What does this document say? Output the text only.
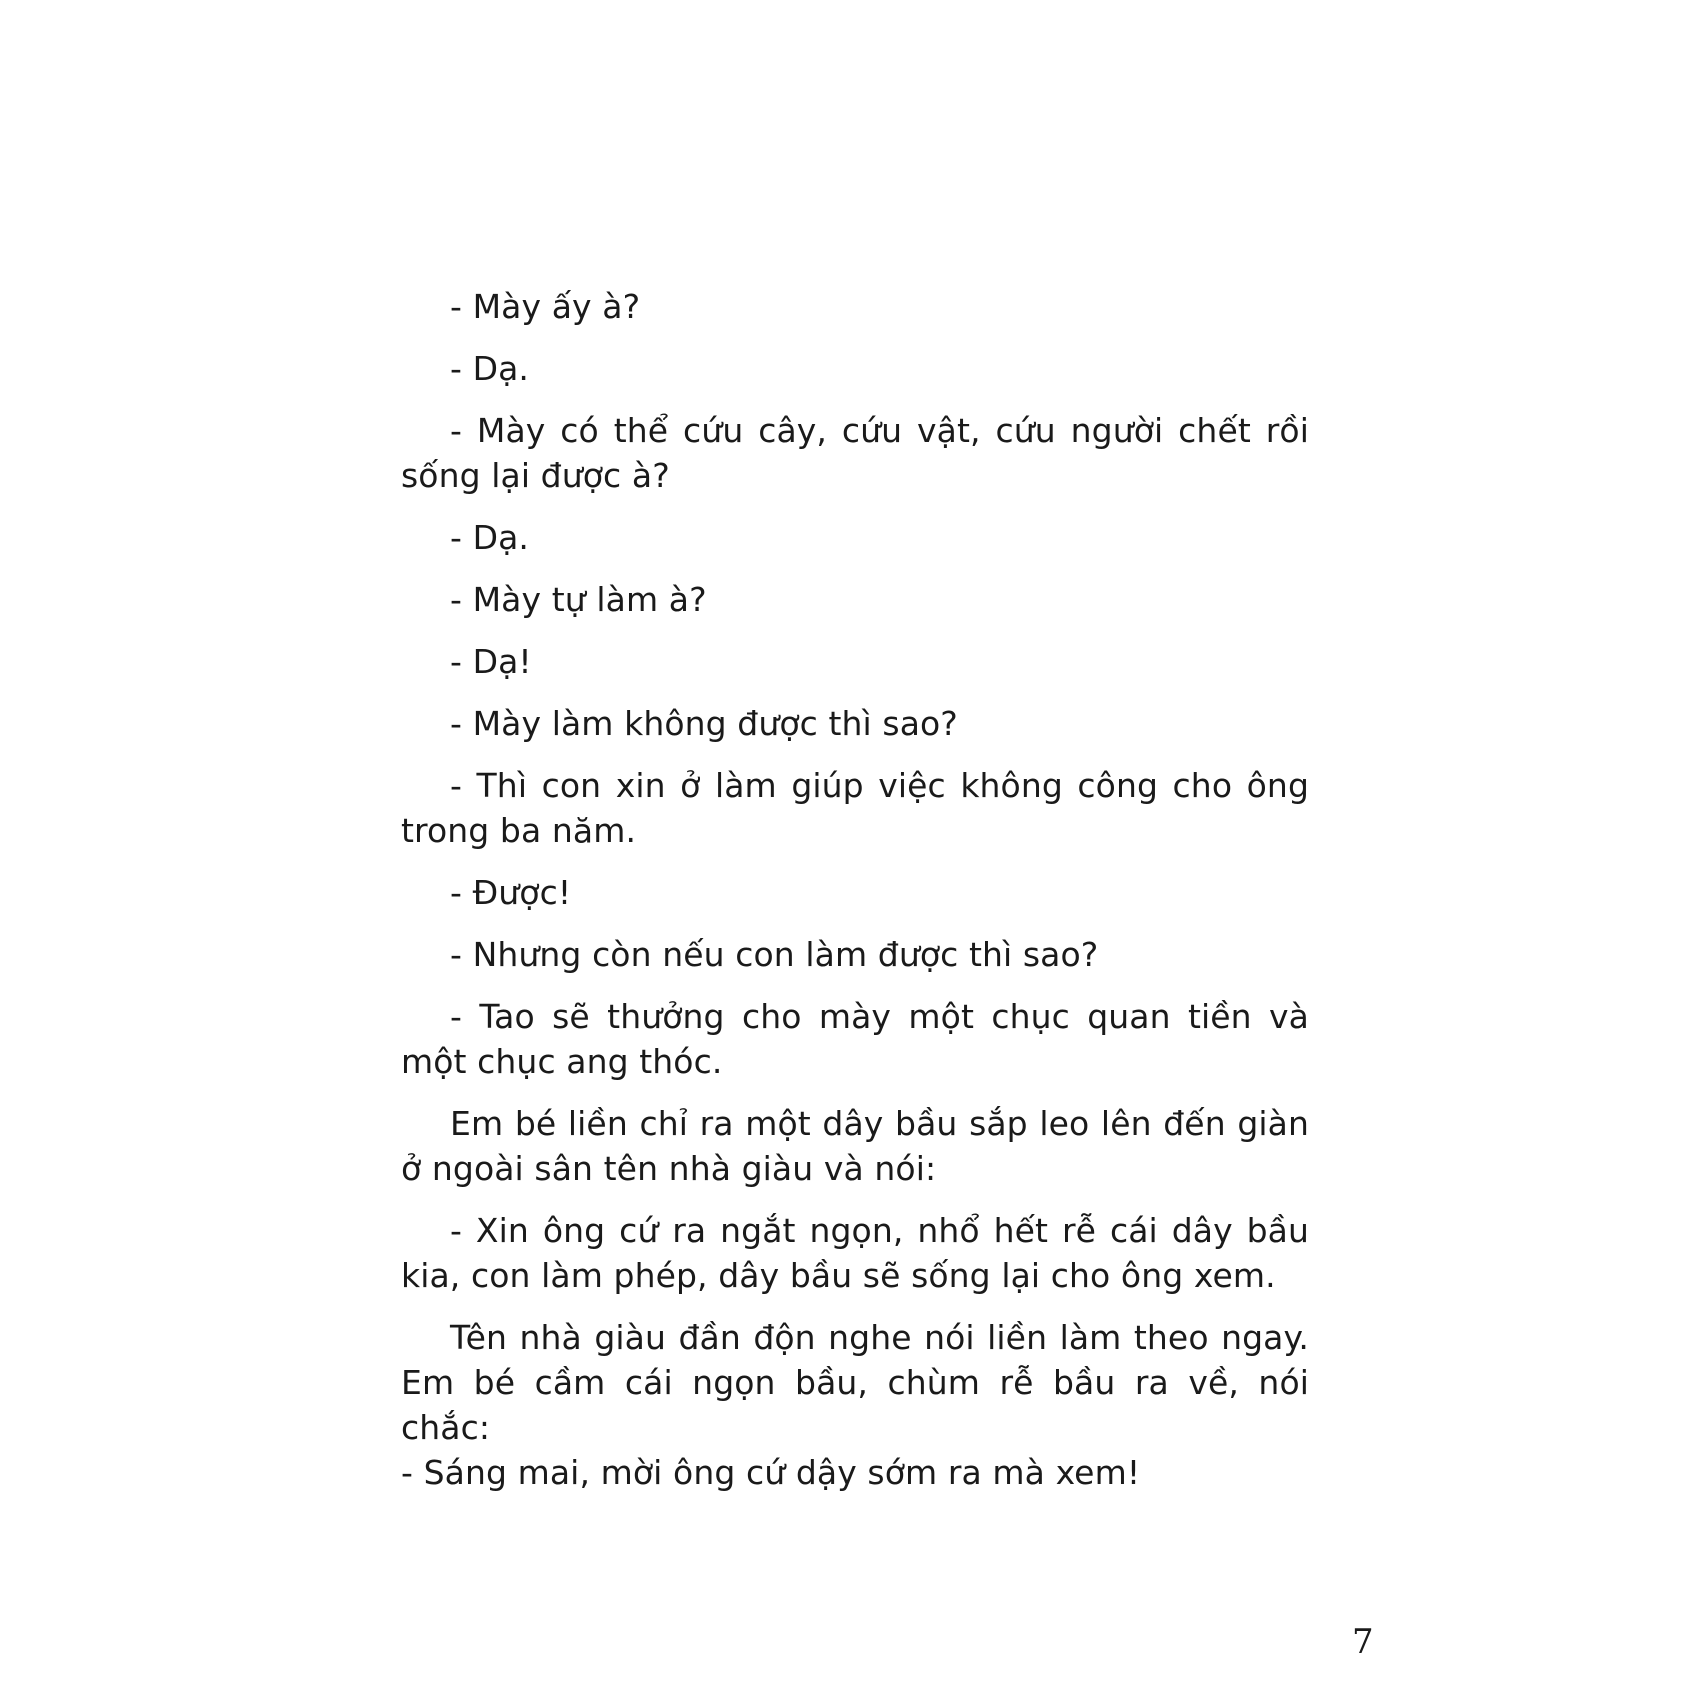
- Mày ấy à?

- Dạ.

- Mày có thể cứu cây, cứu vật, cứu người chết rồi sống lại được à?

- Dạ.

- Mày tự làm à?

- Dạ!

- Mày làm không được thì sao?

- Thì con xin ở làm giúp việc không công cho ông trong ba năm.

- Được!

- Nhưng còn nếu con làm được thì sao?

- Tao sẽ thưởng cho mày một chục quan tiền và một chục ang thóc.

Em bé liền chỉ ra một dây bầu sắp leo lên đến giàn ở ngoài sân tên nhà giàu và nói:

- Xin ông cứ ra ngắt ngọn, nhổ hết rễ cái dây bầu kia, con làm phép, dây bầu sẽ sống lại cho ông xem.

Tên nhà giàu đần độn nghe nói liền làm theo ngay. Em bé cầm cái ngọn bầu, chùm rễ bầu ra về, nói chắc:

- Sáng mai, mời ông cứ dậy sớm ra mà xem!

7
